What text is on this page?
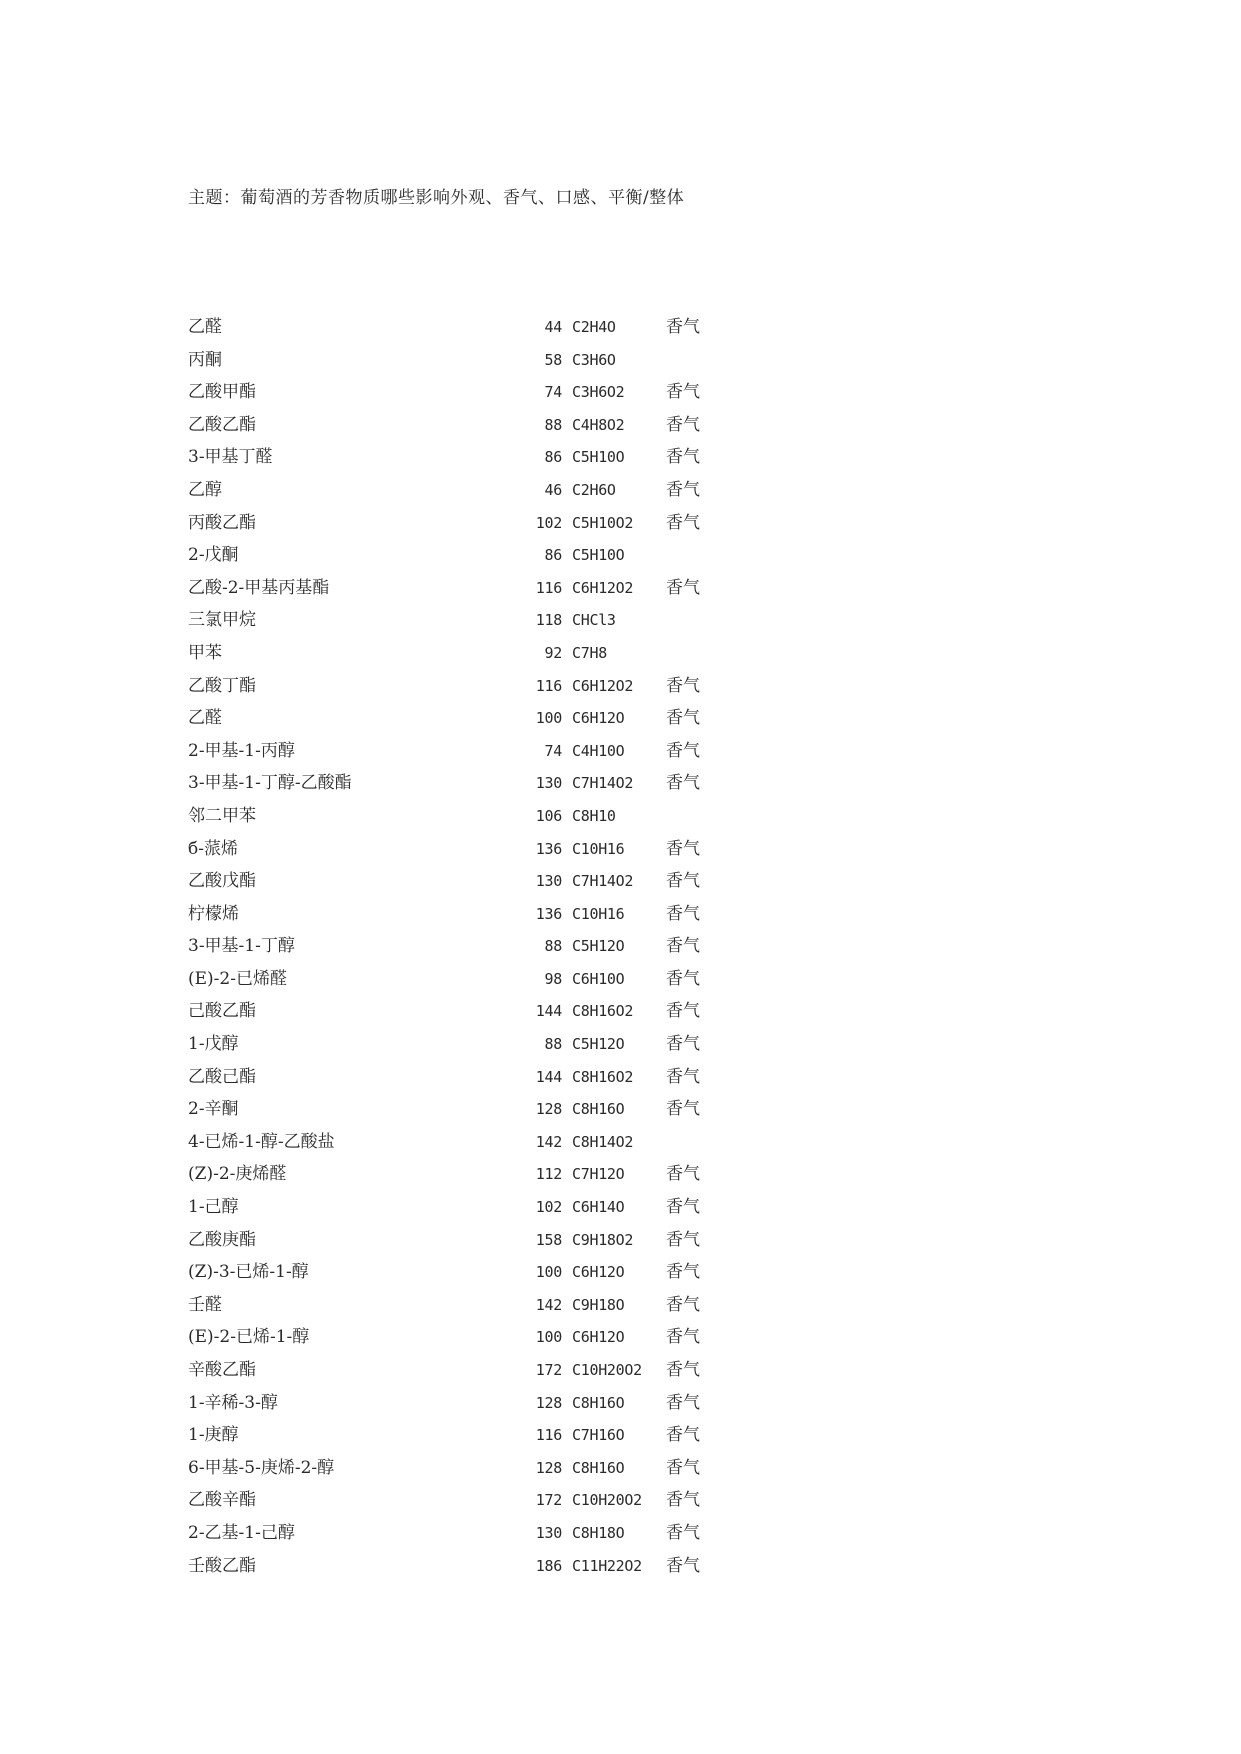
主题：葡萄酒的芳香物质哪些影响外观、香气、口感、平衡/整体
乙醛	44 C2H4O	香气
丙酮	58 C3H6O
乙酸甲酯	74 C3H6O2 香气
乙酸乙酯	88 C4H8O2 香气
3-甲基丁醛	86 C5H10O 香气
乙醇	46 C2H6O	香气
丙酸乙酯	102 C5H10O2 香气
2-戊酮	86 C5H10O
乙酸-2-甲基丙基酯	116 C6H12O2 香气
三氯甲烷	118 CHCl3
甲苯	92 C7H8
乙酸丁酯	116 C6H12O2 香气
乙醛	100 C6H12O 香气
2-甲基-1-丙醇	74 C4H10O 香气
3-甲基-1-丁醇-乙酸酯	130 C7H14O2 香气
邻二甲苯	106 C8H10
б-蒎烯	136 C10H16 香气
乙酸戊酯	130 C7H14O2 香气
柠檬烯	136 C10H16 香气
3-甲基-1-丁醇	88 C5H12O 香气
(E)-2-已烯醛	98 C6H10O 香气
己酸乙酯	144 C8H16O2 香气
1-戊醇	88 C5H12O 香气
乙酸己酯	144 C8H16O2 香气
2-辛酮	128 C8H16O 香气
4-已烯-1-醇-乙酸盐	142 C8H14O2
(Z)-2-庚烯醛	112 C7H12O 香气
1-己醇	102 C6H14O 香气
乙酸庚酯	158 C9H18O2 香气
(Z)-3-已烯-1-醇	100 C6H12O 香气
壬醛	142 C9H18O 香气
(E)-2-已烯-1-醇	100 C6H12O 香气
辛酸乙酯	172 C10H20O2 香气
1-辛稀-3-醇	128 C8H16O 香气
1-庚醇	116 C7H16O 香气
6-甲基-5-庚烯-2-醇	128 C8H16O 香气
乙酸辛酯	172 C10H20O2 香气
2-乙基-1-己醇	130 C8H18O 香气
壬酸乙酯	186 C11H22O2 香气
